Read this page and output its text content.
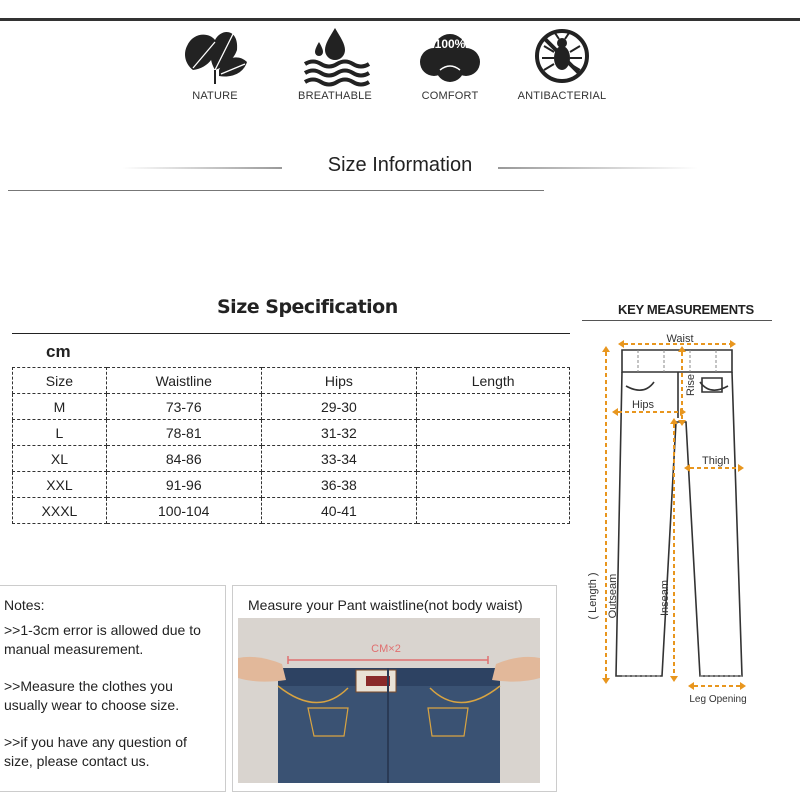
NATURE	BREATHABLE
100%
COMFORT	ANTIBACTERIAL
Size Information
Size Specification
cm
Size	Waistline	Hips	Length
M	73-76	29-30	
L	78-81	31-32	
XL	84-86	33-34	
XXL	91-96	36-38	
XXXL	100-104	40-41	
KEY MEASUREMENTS
Waist
Rise
Hips
Thigh
( Length ) Outseam	Inseam
Leg Opening
Notes:

>>1-3cm error is allowed due to manual measurement.

>>Measure the clothes you usually wear to choose size.

>>if you have any question of size, please contact us.

Measure your Pant waistline(not body waist)
CM×2
